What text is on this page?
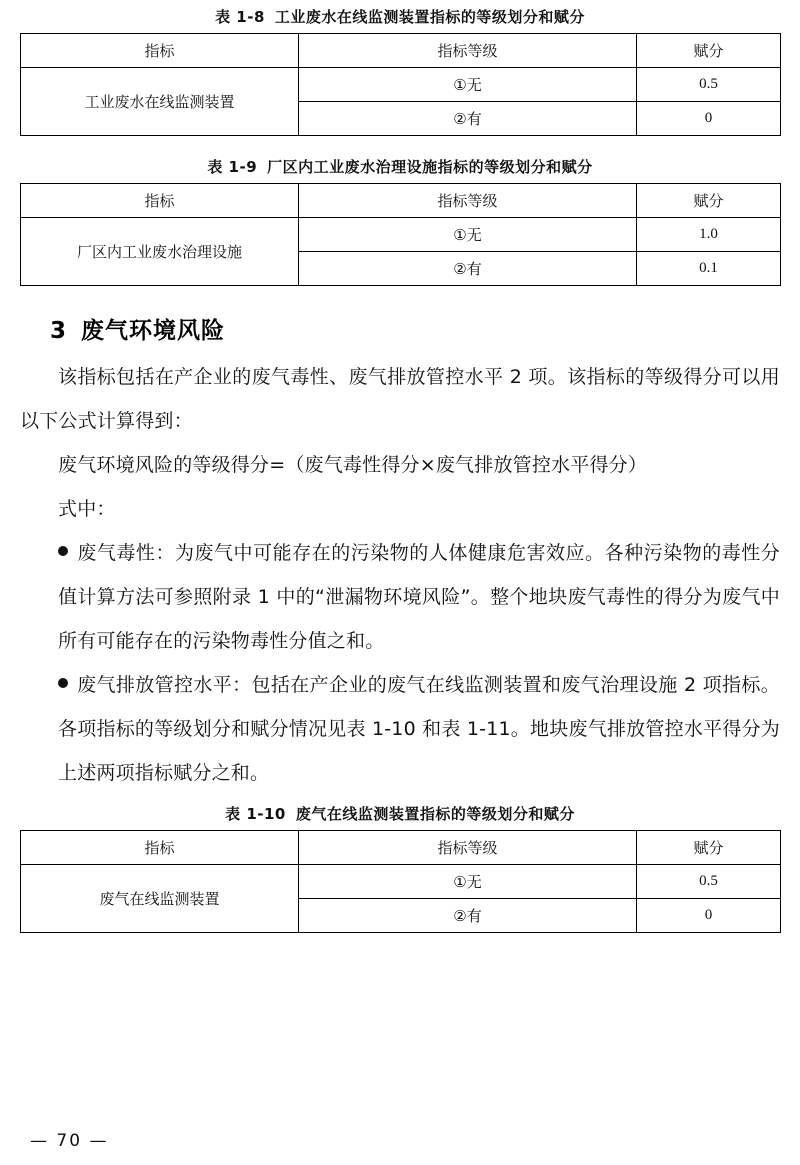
表 1-8 工业废水在线监测装置指标的等级划分和赋分
指标	指标等级	赋分
工业废水在线监测装置	①无	0.5
	②有	0
表 1-9 厂区内工业废水治理设施指标的等级划分和赋分
指标	指标等级	赋分
厂区内工业废水治理设施	①无	1.0
	②有	0.1
3 废气环境风险

该指标包括在产企业的废气毒性、废气排放管控水平 2 项。该指标的等级得分可以用以下公式计算得到：

废气环境风险的等级得分=（废气毒性得分×废气排放管控水平得分）

式中：

废气毒性：为废气中可能存在的污染物的人体健康危害效应。各种污染物的毒性分值计算方法可参照附录 1 中的“泄漏物环境风险”。整个地块废气毒性的得分为废气中所有可能存在的污染物毒性分值之和。

废气排放管控水平：包括在产企业的废气在线监测装置和废气治理设施 2 项指标。各项指标的等级划分和赋分情况见表 1-10 和表 1-11。地块废气排放管控水平得分为上述两项指标赋分之和。

表 1-10 废气在线监测装置指标的等级划分和赋分
指标	指标等级	赋分
废气在线监测装置	①无	0.5
	②有	0
— 70 —
